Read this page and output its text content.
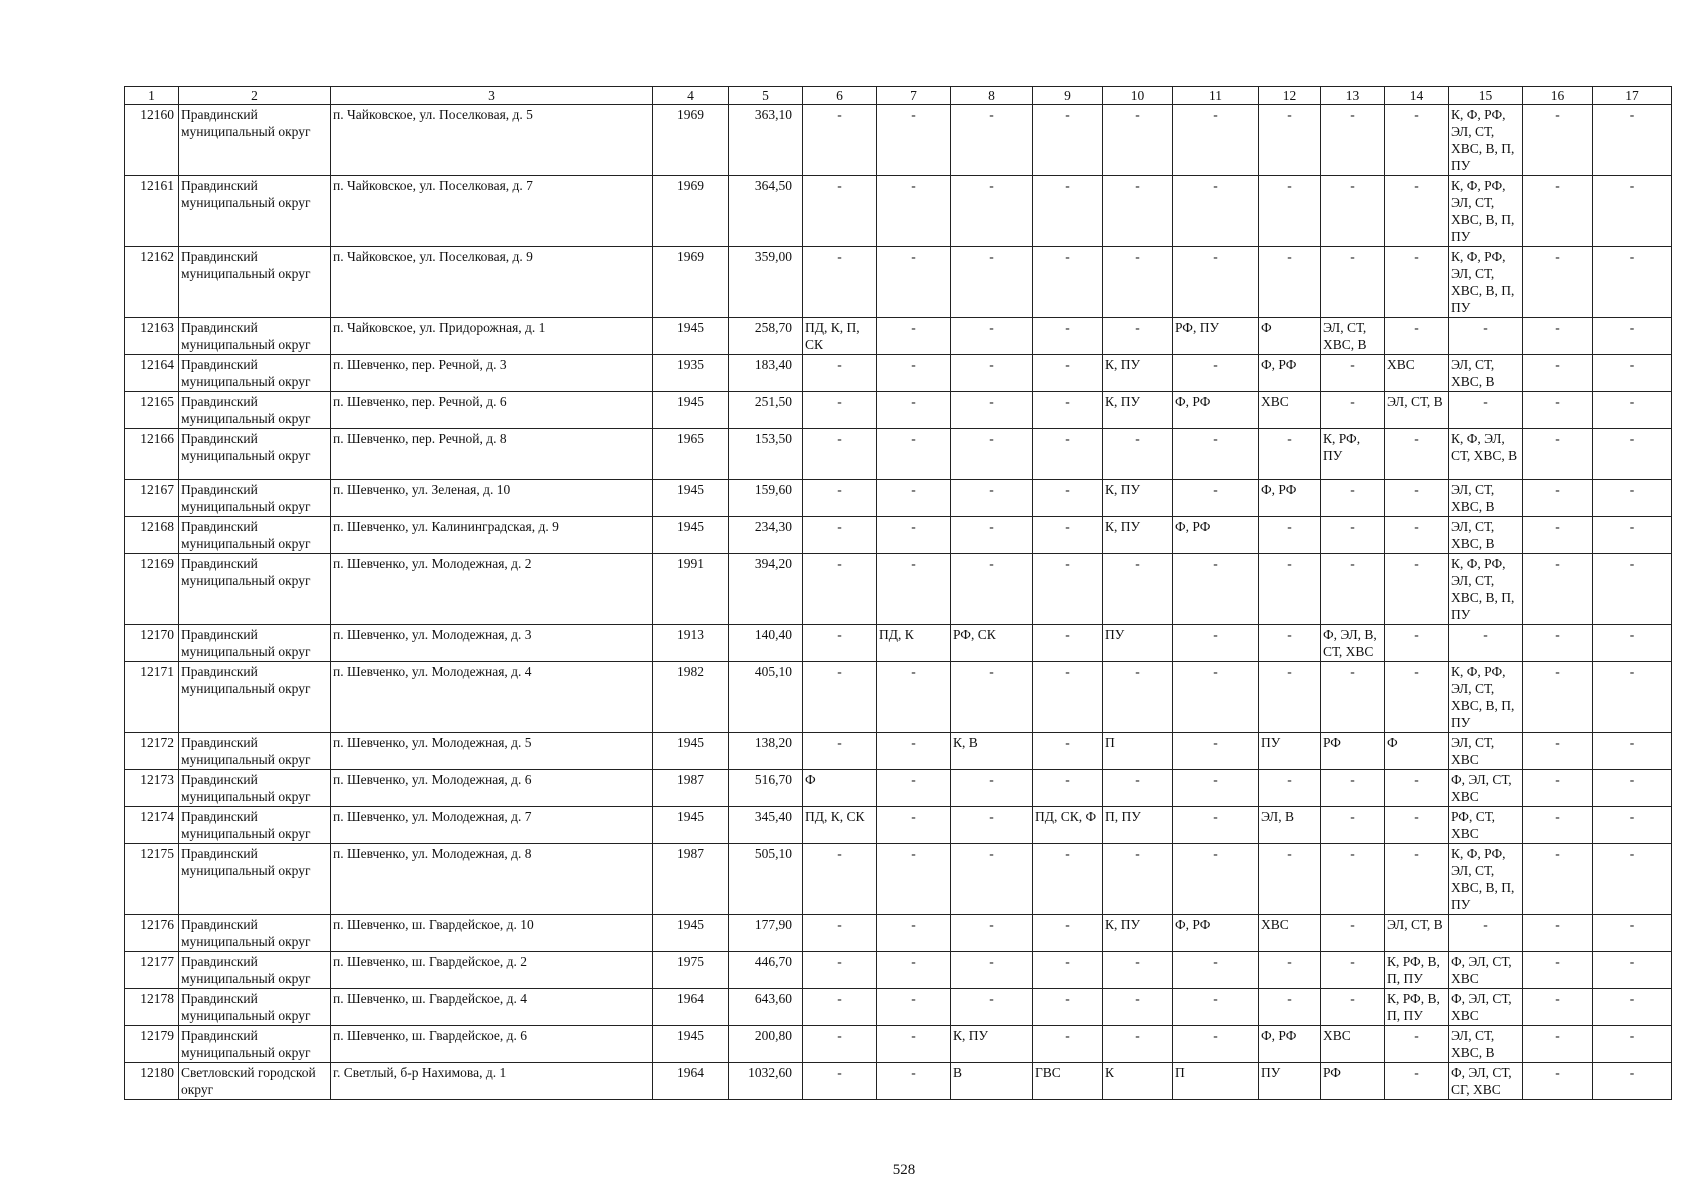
1	2	3	4	5	6	7	8	9	10	11	12	13	14	15	16	17
12160	Правдинский муниципальный округ	п. Чайковское, ул. Поселковая, д. 5	1969	363,10	-	-	-	-	-	-	-	-	-	К, Ф, РФ, ЭЛ, СТ, ХВС, В, П, ПУ	-	-
12161	Правдинский муниципальный округ	п. Чайковское, ул. Поселковая, д. 7	1969	364,50	-	-	-	-	-	-	-	-	-	К, Ф, РФ, ЭЛ, СТ, ХВС, В, П, ПУ	-	-
12162	Правдинский муниципальный округ	п. Чайковское, ул. Поселковая, д. 9	1969	359,00	-	-	-	-	-	-	-	-	-	К, Ф, РФ, ЭЛ, СТ, ХВС, В, П, ПУ	-	-
12163	Правдинский муниципальный округ	п. Чайковское, ул. Придорожная, д. 1	1945	258,70	ПД, К, П, СК	-	-	-	-	РФ, ПУ	Ф	ЭЛ, СТ, ХВС, В	-	-	-	-
12164	Правдинский муниципальный округ	п. Шевченко, пер. Речной, д. 3	1935	183,40	-	-	-	-	К, ПУ	-	Ф, РФ	-	ХВС	ЭЛ, СТ, ХВС, В	-	-
12165	Правдинский муниципальный округ	п. Шевченко, пер. Речной, д. 6	1945	251,50	-	-	-	-	К, ПУ	Ф, РФ	ХВС	-	ЭЛ, СТ, В	-	-	-
12166	Правдинский муниципальный округ	п. Шевченко, пер. Речной, д. 8	1965	153,50	-	-	-	-	-	-	-	К, РФ, ПУ	-	К, Ф, ЭЛ, СТ, ХВС, В	-	-
12167	Правдинский муниципальный округ	п. Шевченко, ул. Зеленая, д. 10	1945	159,60	-	-	-	-	К, ПУ	-	Ф, РФ	-	-	ЭЛ, СТ, ХВС, В	-	-
12168	Правдинский муниципальный округ	п. Шевченко, ул. Калининградская, д. 9	1945	234,30	-	-	-	-	К, ПУ	Ф, РФ	-	-	-	ЭЛ, СТ, ХВС, В	-	-
12169	Правдинский муниципальный округ	п. Шевченко, ул. Молодежная, д. 2	1991	394,20	-	-	-	-	-	-	-	-	-	К, Ф, РФ, ЭЛ, СТ, ХВС, В, П, ПУ	-	-
12170	Правдинский муниципальный округ	п. Шевченко, ул. Молодежная, д. 3	1913	140,40	-	ПД, К	РФ, СК	-	ПУ	-	-	Ф, ЭЛ, В, СТ, ХВС	-	-	-	-
12171	Правдинский муниципальный округ	п. Шевченко, ул. Молодежная, д. 4	1982	405,10	-	-	-	-	-	-	-	-	-	К, Ф, РФ, ЭЛ, СТ, ХВС, В, П, ПУ	-	-
12172	Правдинский муниципальный округ	п. Шевченко, ул. Молодежная, д. 5	1945	138,20	-	-	К, В	-	П	-	ПУ	РФ	Ф	ЭЛ, СТ, ХВС	-	-
12173	Правдинский муниципальный округ	п. Шевченко, ул. Молодежная, д. 6	1987	516,70	Ф	-	-	-	-	-	-	-	-	Ф, ЭЛ, СТ, ХВС	-	-
12174	Правдинский муниципальный округ	п. Шевченко, ул. Молодежная, д. 7	1945	345,40	ПД, К, СК	-	-	ПД, СК, Ф	П, ПУ	-	ЭЛ, В	-	-	РФ, СТ, ХВС	-	-
12175	Правдинский муниципальный округ	п. Шевченко, ул. Молодежная, д. 8	1987	505,10	-	-	-	-	-	-	-	-	-	К, Ф, РФ, ЭЛ, СТ, ХВС, В, П, ПУ	-	-
12176	Правдинский муниципальный округ	п. Шевченко, ш. Гвардейское, д. 10	1945	177,90	-	-	-	-	К, ПУ	Ф, РФ	ХВС	-	ЭЛ, СТ, В	-	-	-
12177	Правдинский муниципальный округ	п. Шевченко, ш. Гвардейское, д. 2	1975	446,70	-	-	-	-	-	-	-	-	К, РФ, В, П, ПУ	Ф, ЭЛ, СТ, ХВС	-	-
12178	Правдинский муниципальный округ	п. Шевченко, ш. Гвардейское, д. 4	1964	643,60	-	-	-	-	-	-	-	-	К, РФ, В, П, ПУ	Ф, ЭЛ, СТ, ХВС	-	-
12179	Правдинский муниципальный округ	п. Шевченко, ш. Гвардейское, д. 6	1945	200,80	-	-	К, ПУ	-	-	-	Ф, РФ	ХВС	-	ЭЛ, СТ, ХВС, В	-	-
12180	Светловский городской округ	г. Светлый, б-р Нахимова, д. 1	1964	1032,60	-	-	В	ГВС	К	П	ПУ	РФ	-	Ф, ЭЛ, СТ, СГ, ХВС	-	-
528
